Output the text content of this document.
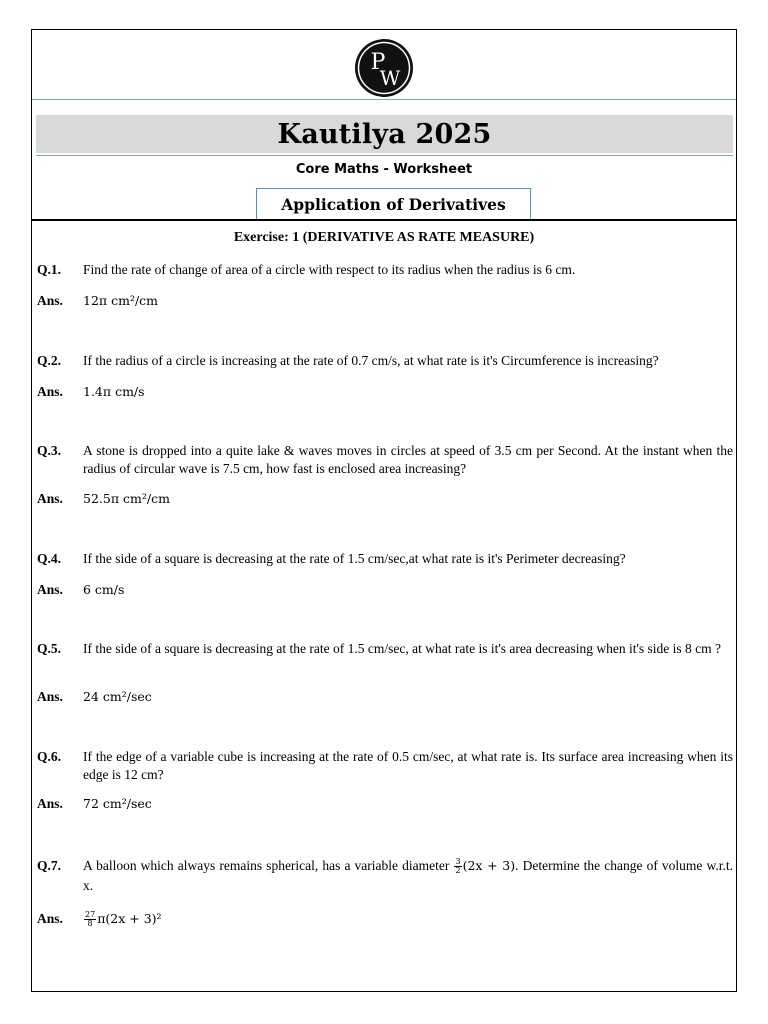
P
W
Kautilya 2025
Core Maths - Worksheet
Application of Derivatives
Exercise: 1 (DERIVATIVE AS RATE MEASURE)
Q.1. Find the rate of change of area of a circle with respect to its radius when the radius is 6 cm.
Ans. 12π cm²/cm
Q.2. If the radius of a circle is increasing at the rate of 0.7 cm/s, at what rate is it's Circumference is increasing?
Ans. 1.4π cm/s
Q.3. A stone is dropped into a quite lake & waves moves in circles at speed of 3.5 cm per Second. At the instant when the radius of circular wave is 7.5 cm, how fast is enclosed area increasing?
Ans. 52.5π cm²/cm
Q.4. If the side of a square is decreasing at the rate of 1.5 cm/sec,at what rate is it's Perimeter decreasing?
Ans. 6 cm/s
Q.5. If the side of a square is decreasing at the rate of 1.5 cm/sec, at what rate is it's area decreasing when it's side is 8 cm ?
Ans. 24 cm²/sec
Q.6. If the edge of a variable cube is increasing at the rate of 0.5 cm/sec, at what rate is. Its surface area increasing when its edge is 12 cm?
Ans. 72 cm²/sec
Q.7. A balloon which always remains spherical, has a variable diameter $\frac{3}{2} (2x + 3)$. Determine the change of volume w.r.t. x.
Ans.	$\frac{27}{8} \pi(2x + 3)^2$
